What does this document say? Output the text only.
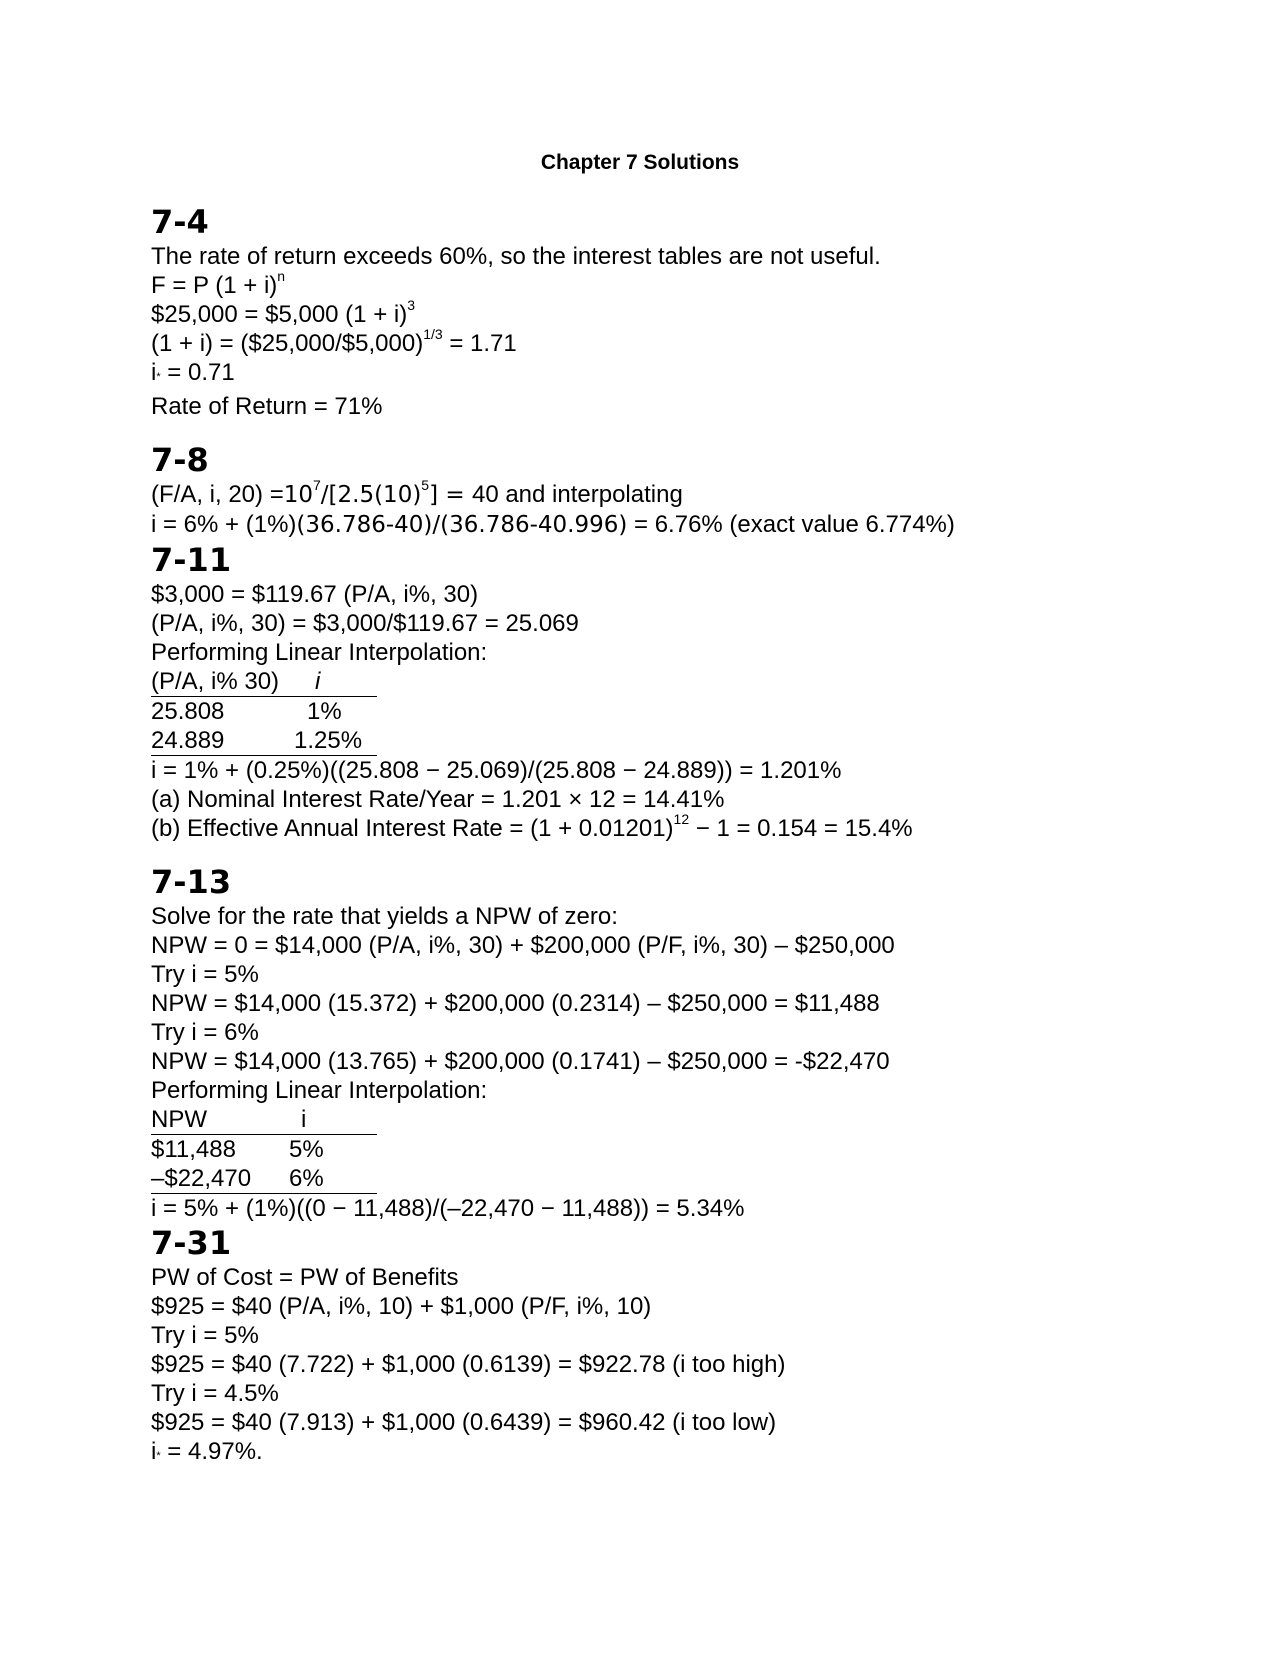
Chapter 7 Solutions
7-4
The rate of return exceeds 60%, so the interest tables are not useful.
F = P $(1 + i)^n$
$25,000 = $5,000 $(1 + i)^3$
(1 + i) = ($25,000/$5,000)$^{1/3}$ = 1.71
i* = 0.71
Rate of Return = 71%
7-8
(F/A, i, $20) =10^7/[2.5(10)^5] = 40$ and interpolating
i = 6% + (1%)(36.786-40)/(36.786-40.996) = 6.76% (exact value 6.774%)
7-11
$3,000 = $119.67 (P/A, i%, 30)
(P/A, i%, 30) = $3,000/$119.67 = 25.069
Performing Linear Interpolation:
(P/A, i% 30)	i
25.808	1%
24.889	1.25%
i = 1% + (0.25%)((25.808 − 25.069)/(25.808 − 24.889)) = 1.201%
(a) Nominal Interest Rate/Year = 1.201 × 12 = 14.41%
(b) Effective Annual Interest Rate = $(1 + 0.01201)^{12} - 1 = 0.154 = 15.4\%$
7-13
Solve for the rate that yields a NPW of zero:
NPW = 0 = $14,000 (P/A, i%, 30) + $200,000 (P/F, i%, 30) – $250,000
Try i = 5%
NPW = $14,000 (15.372) + $200,000 (0.2314) – $250,000 = $11,488
Try i = 6%
NPW = $14,000 (13.765) + $200,000 (0.1741) – $250,000 = -$22,470
Performing Linear Interpolation:
NPW	i
$11,488	5%
–$22,470	6%
i = 5% + (1%)((0 − 11,488)/(–22,470 − 11,488)) = 5.34%
7-31
PW of Cost = PW of Benefits
$925 = $40 (P/A, i%, 10) + $1,000 (P/F, i%, 10)
Try i = 5%
$925 = $40 (7.722) + $1,000 (0.6139) = $922.78 (i too high)
Try i = 4.5%
$925 = $40 (7.913) + $1,000 (0.6439) = $960.42 (i too low)
i* = 4.97%.
